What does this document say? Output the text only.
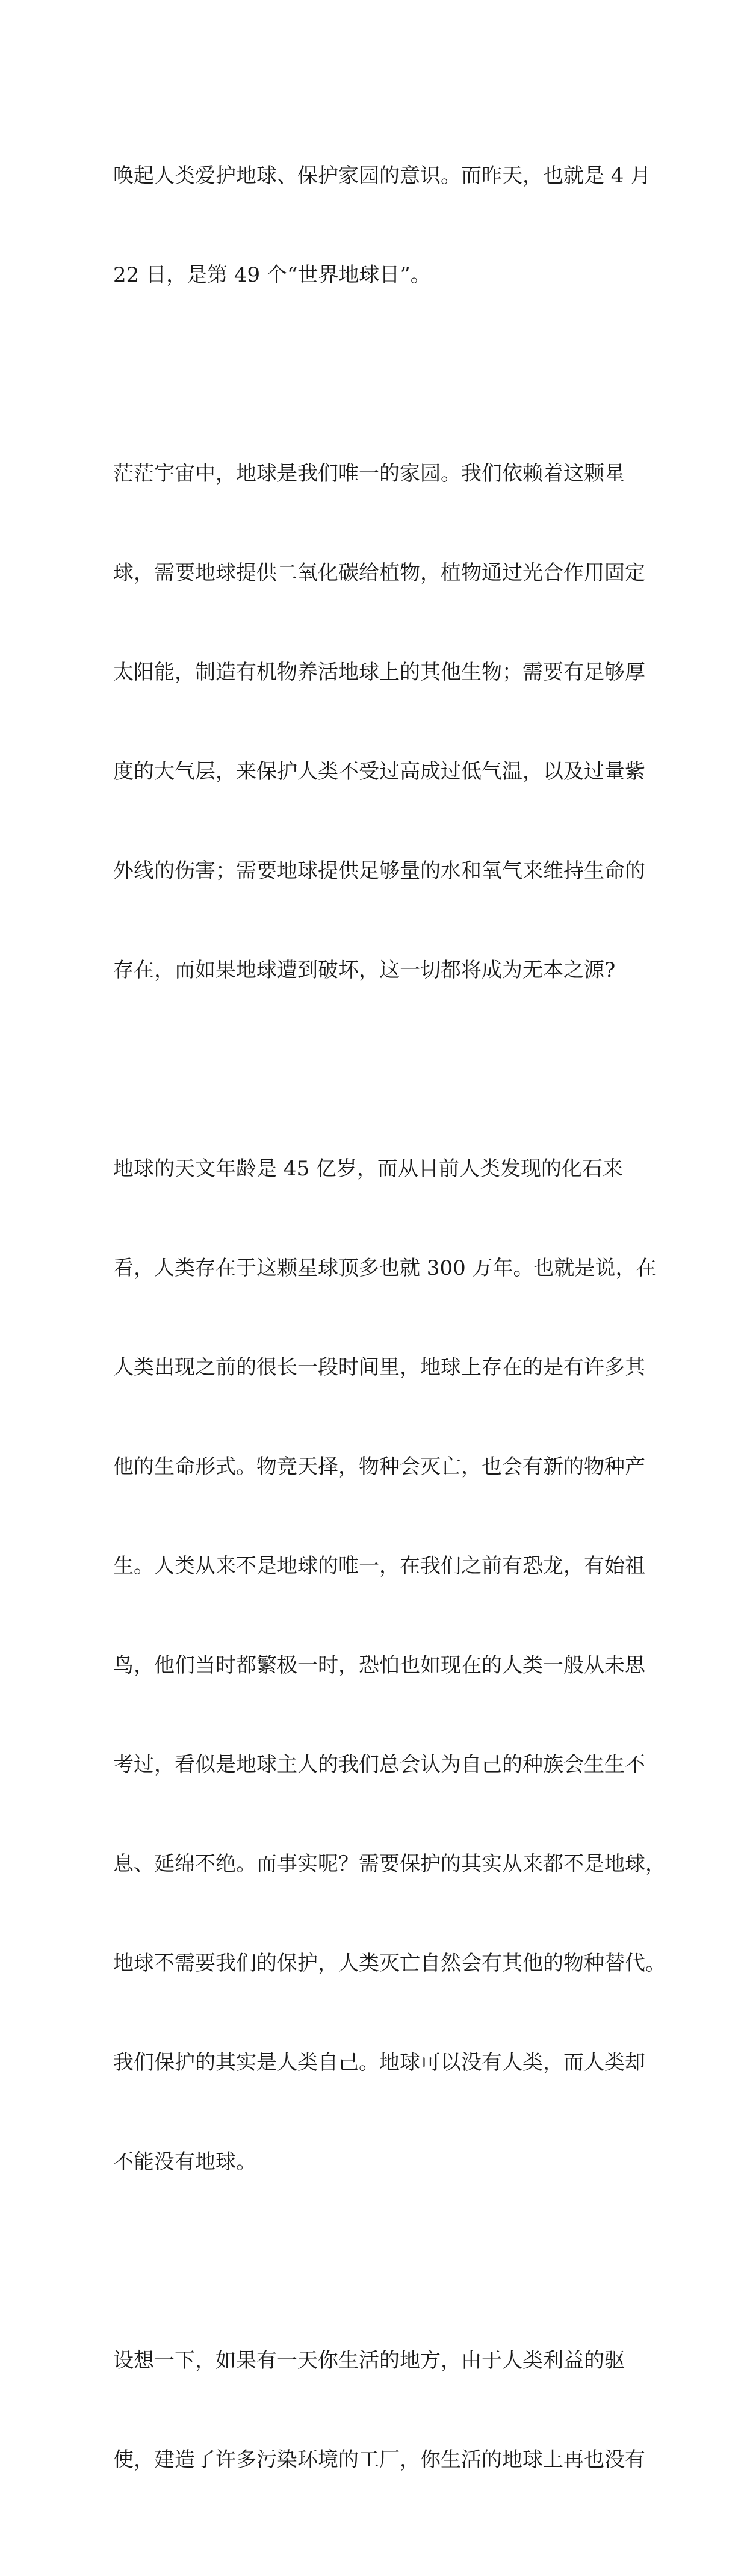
唤起人类爱护地球、保护家园的意识。而昨天，也就是 4 月

22 日，是第 49 个“世界地球日”。

茫茫宇宙中，地球是我们唯一的家园。我们依赖着这颗星

球，需要地球提供二氧化碳给植物，植物通过光合作用固定

太阳能，制造有机物养活地球上的其他生物；需要有足够厚

度的大气层，来保护人类不受过高成过低气温，以及过量紫

外线的伤害；需要地球提供足够量的水和氧气来维持生命的

存在，而如果地球遭到破坏，这一切都将成为无本之源?

地球的天文年龄是 45 亿岁，而从目前人类发现的化石来

看，人类存在于这颗星球顶多也就 300 万年。也就是说，在

人类出现之前的很长一段时间里，地球上存在的是有许多其

他的生命形式。物竞天择，物种会灭亡，也会有新的物种产

生。人类从来不是地球的唯一，在我们之前有恐龙，有始祖

鸟，他们当时都繁极一时，恐怕也如现在的人类一般从未思

考过，看似是地球主人的我们总会认为自己的种族会生生不

息、延绵不绝。而事实呢？需要保护的其实从来都不是地球，

地球不需要我们的保护，人类灭亡自然会有其他的物种替代。

我们保护的其实是人类自己。地球可以没有人类，而人类却

不能没有地球。

设想一下，如果有一天你生活的地方，由于人类利益的驱

使，建造了许多污染环境的工厂，你生活的地球上再也没有
